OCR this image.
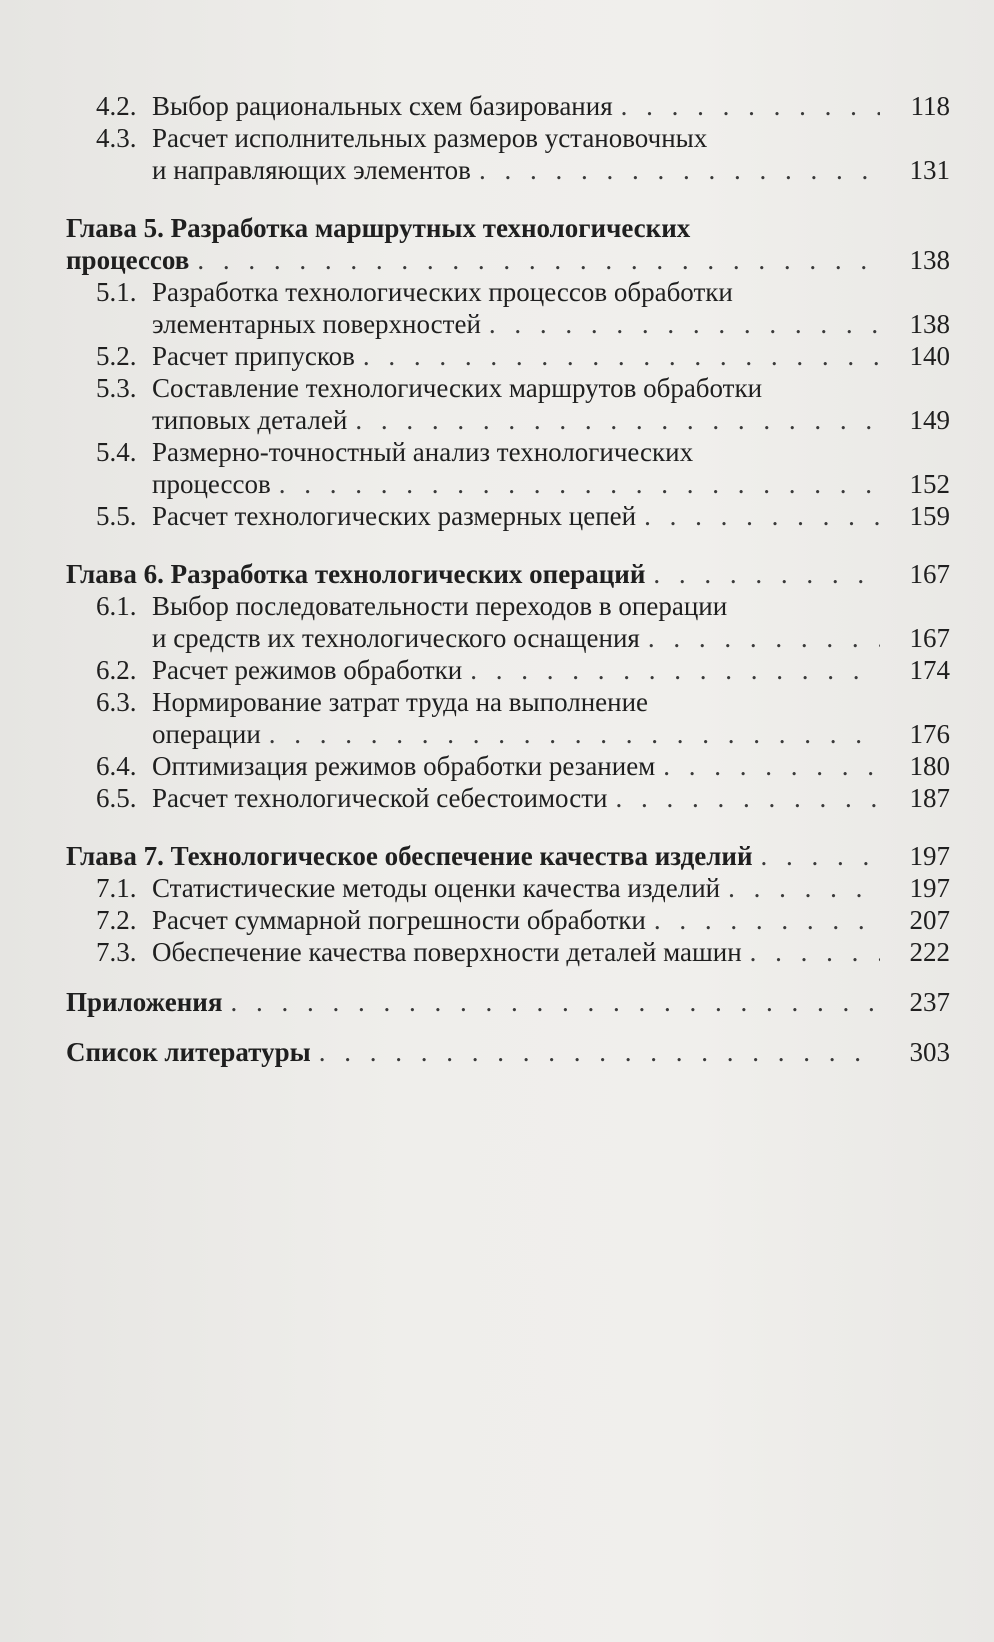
4.2. Выбор рациональных схем базирования . . .	118
4.3. Расчет исполнительных размеров установочных
и направляющих элементов . . .	131
Глава 5. Разработка маршрутных технологических
процессов . . .	138
5.1. Разработка технологических процессов обработки
элементарных поверхностей . . .	138
5.2. Расчет припусков . . .	140
5.3. Составление технологических маршрутов обработки
типовых деталей . . .	149
5.4. Размерно-точностный анализ технологических
процессов . . .	152
5.5. Расчет технологических размерных цепей . . .	159
Глава 6. Разработка технологических операций . . .	167
6.1. Выбор последовательности переходов в операции
и средств их технологического оснащения . . .	167
6.2. Расчет режимов обработки . . .	174
6.3. Нормирование затрат труда на выполнение
операции . . .	176
6.4. Оптимизация режимов обработки резанием . . .	180
6.5. Расчет технологической себестоимости . . .	187
Глава 7. Технологическое обеспечение качества изделий . . .	197
7.1. Статистические методы оценки качества изделий . . .	197
7.2. Расчет суммарной погрешности обработки . . .	207
7.3. Обеспечение качества поверхности деталей машин . . .	222
Приложения . . .	237
Список литературы . . .	303
